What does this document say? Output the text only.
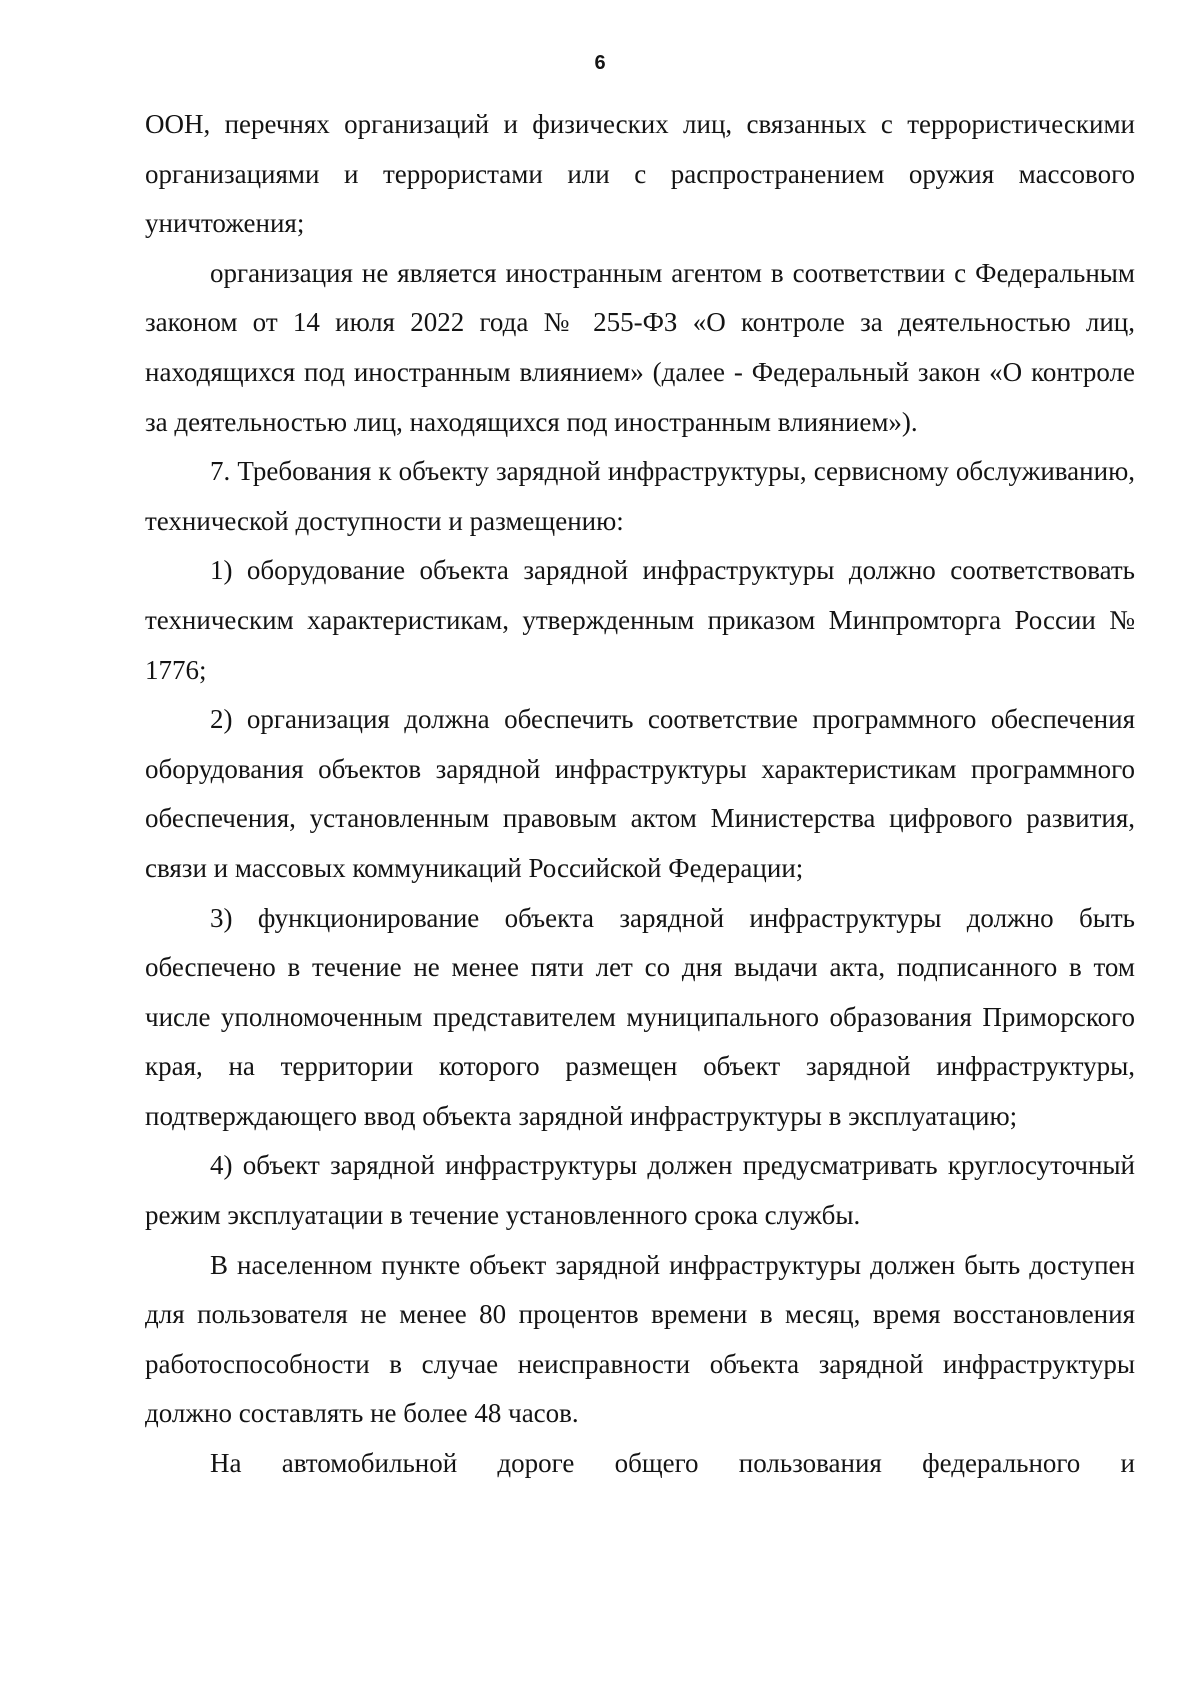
6

ООН, перечнях организаций и физических лиц, связанных с террористическими организациями и террористами или с распространением оружия массового уничтожения;

организация не является иностранным агентом в соответствии с Федеральным законом от 14 июля 2022 года № 255-ФЗ «О контроле за деятельностью лиц, находящихся под иностранным влиянием» (далее - Федеральный закон «О контроле за деятельностью лиц, находящихся под иностранным влиянием»).

7. Требования к объекту зарядной инфраструктуры, сервисному обслуживанию, технической доступности и размещению:

1) оборудование объекта зарядной инфраструктуры должно соответствовать техническим характеристикам, утвержденным приказом Минпромторга России № 1776;

2) организация должна обеспечить соответствие программного обеспечения оборудования объектов зарядной инфраструктуры характеристикам программного обеспечения, установленным правовым актом Министерства цифрового развития, связи и массовых коммуникаций Российской Федерации;

3) функционирование объекта зарядной инфраструктуры должно быть обеспечено в течение не менее пяти лет со дня выдачи акта, подписанного в том числе уполномоченным представителем муниципального образования Приморского края, на территории которого размещен объект зарядной инфраструктуры, подтверждающего ввод объекта зарядной инфраструктуры в эксплуатацию;

4) объект зарядной инфраструктуры должен предусматривать круглосуточный режим эксплуатации в течение установленного срока службы.

В населенном пункте объект зарядной инфраструктуры должен быть доступен для пользователя не менее 80 процентов времени в месяц, время восстановления работоспособности в случае неисправности объекта зарядной инфраструктуры должно составлять не более 48 часов.

На автомобильной дороге общего пользования федерального и
